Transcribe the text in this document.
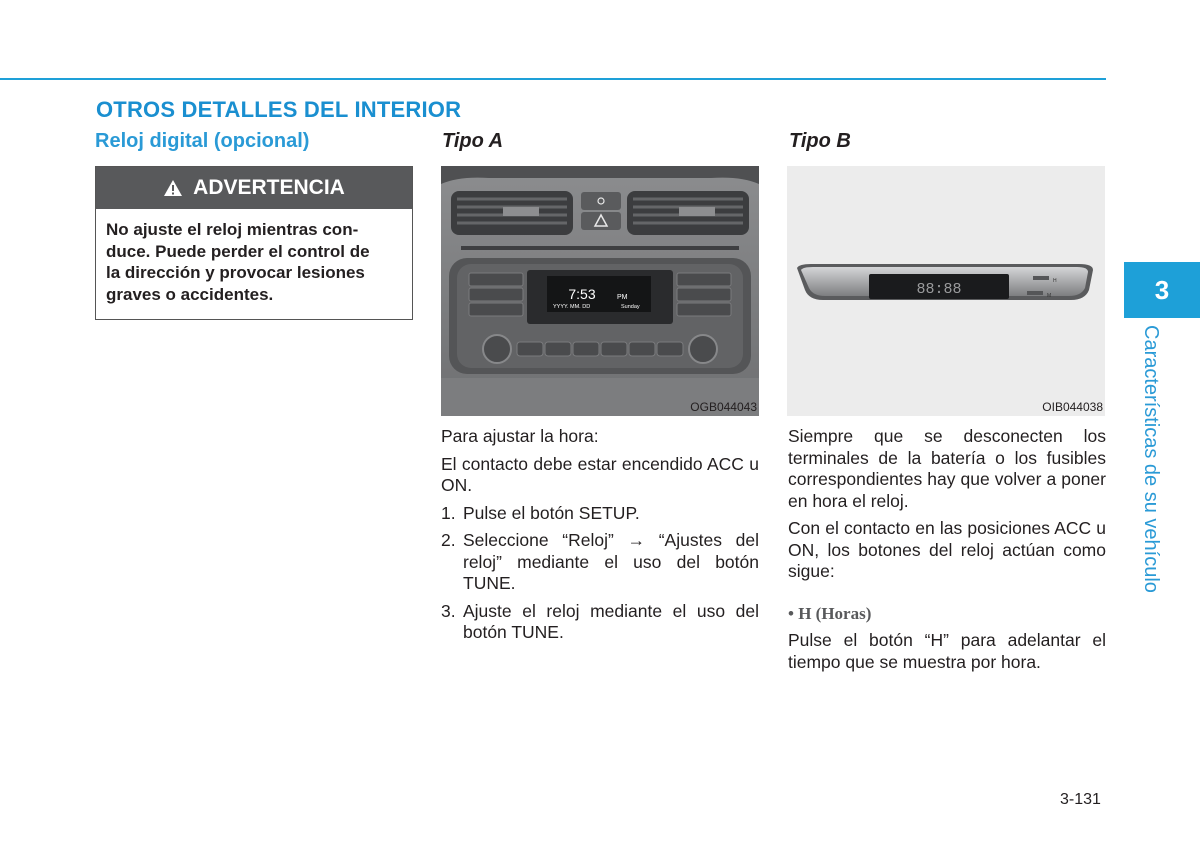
OTROS DETALLES DEL INTERIOR
Reloj digital (opcional)
ADVERTENCIA
No ajuste el reloj mientras con-
duce. Puede perder el control de
la dirección y provocar lesiones
graves o accidentes.
Tipo A
7:53	PM
YYYY. MM. DD	Sunday
OGB044043

Para ajustar la hora:

El contacto debe estar encendido ACC u ON.

1. Pulse el botón SETUP.
2. Seleccione “Reloj” → “Ajustes del reloj” mediante el uso del botón TUNE.
3. Ajuste el reloj mediante el uso del botón TUNE.
Tipo B
88:88	H
M
OIB044038

Siempre que se desconecten los terminales de la batería o los fusibles correspondientes hay que volver a poner en hora el reloj.

Con el contacto en las posiciones ACC u ON, los botones del reloj actúan como sigue:

• H (Horas)

Pulse el botón “H” para adelantar el tiempo que se muestra por hora.

3
Características de su vehículo
3-131
